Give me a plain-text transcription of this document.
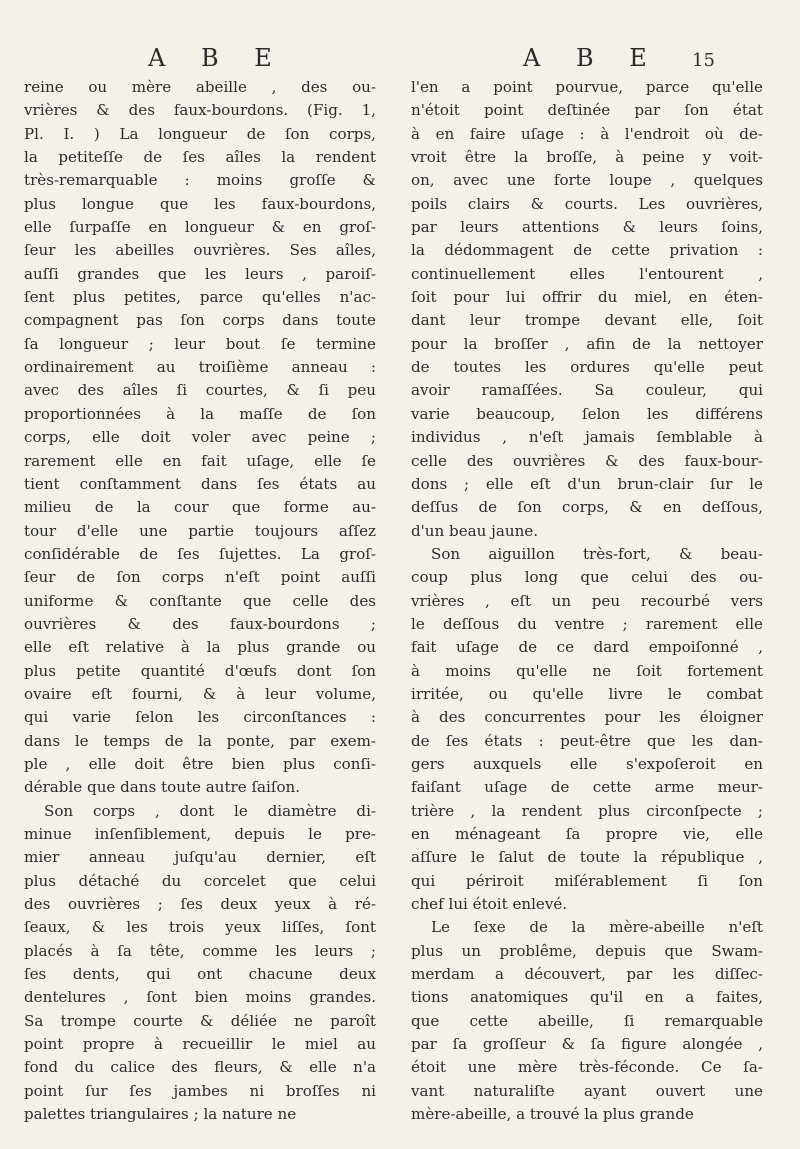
A B E	A B E 15
reine ou mère abeille , des ou-
vrières & des faux-bourdons. (Fig. 1,
Pl. I. ) La longueur de ſon corps,
la petiteſſe de ſes aîles la rendent
très-remarquable : moins groſſe &
plus longue que les faux-bourdons,
elle ſurpaſſe en longueur & en groſ-
ſeur les abeilles ouvrières. Ses aîles,
auſſi grandes que les leurs , paroiſ-
ſent plus petites, parce qu'elles n'ac-
compagnent pas ſon corps dans toute
ſa longueur ; leur bout ſe termine
ordinairement au troiſième anneau :
avec des aîles ſi courtes, & ſi peu
proportionnées à la maſſe de ſon
corps, elle doit voler avec peine ;
rarement elle en fait uſage, elle ſe
tient conſtamment dans ſes états au
milieu de la cour que forme au-
tour d'elle une partie toujours aſſez
conſidérable de ſes ſujettes. La groſ-
ſeur de ſon corps n'eſt point auſſi
uniforme & conſtante que celle des
ouvrières & des faux-bourdons ;
elle eſt relative à la plus grande ou
plus petite quantité d'œufs dont ſon
ovaire eſt fourni, & à leur volume,
qui varie ſelon les circonſtances :
dans le temps de la ponte, par exem-
ple , elle doit être bien plus conſi-
dérable que dans toute autre ſaiſon.
Son corps , dont le diamètre di-
minue inſenſiblement, depuis le pre-
mier anneau juſqu'au dernier, eſt
plus détaché du corcelet que celui
des ouvrières ; ſes deux yeux à ré-
ſeaux, & les trois yeux liſſes, ſont
placés à ſa tête, comme les leurs ;
ſes dents, qui ont chacune deux
dentelures , ſont bien moins grandes.
Sa trompe courte & déliée ne paroît
point propre à recueillir le miel au
fond du calice des fleurs, & elle n'a
point ſur ſes jambes ni broſſes ni
palettes triangulaires ; la nature ne
l'en a point pourvue, parce qu'elle
n'étoit point deſtinée par ſon état
à en faire uſage : à l'endroit où de-
vroit être la broſſe, à peine y voit-
on, avec une forte loupe , quelques
poils clairs & courts. Les ouvrières,
par leurs attentions & leurs ſoins,
la dédommagent de cette privation :
continuellement elles l'entourent ,
ſoit pour lui offrir du miel, en éten-
dant leur trompe devant elle, ſoit
pour la broſſer , afin de la nettoyer
de toutes les ordures qu'elle peut
avoir ramaſſées. Sa couleur, qui
varie beaucoup, ſelon les différens
individus , n'eſt jamais ſemblable à
celle des ouvrières & des faux-bour-
dons ; elle eſt d'un brun-clair ſur le
deſſus de ſon corps, & en deſſous,
d'un beau jaune.
Son aiguillon très-fort, & beau-
coup plus long que celui des ou-
vrières , eſt un peu recourbé vers
le deſſous du ventre ; rarement elle
fait uſage de ce dard empoiſonné ,
à moins qu'elle ne ſoit fortement
irritée, ou qu'elle livre le combat
à des concurrentes pour les éloigner
de ſes états : peut-être que les dan-
gers auxquels elle s'expoſeroit en
faiſant uſage de cette arme meur-
trière , la rendent plus circonſpecte ;
en ménageant ſa propre vie, elle
aſſure le ſalut de toute la république ,
qui périroit miſérablement ſi ſon
chef lui étoit enlevé.
Le ſexe de la mère-abeille n'eſt
plus un problême, depuis que Swam-
merdam a découvert, par les diſſec-
tions anatomiques qu'il en a faites,
que cette abeille, ſi remarquable
par ſa groſſeur & ſa figure alongée ,
étoit une mère très-féconde. Ce ſa-
vant naturaliſte ayant ouvert une
mère-abeille, a trouvé la plus grande
